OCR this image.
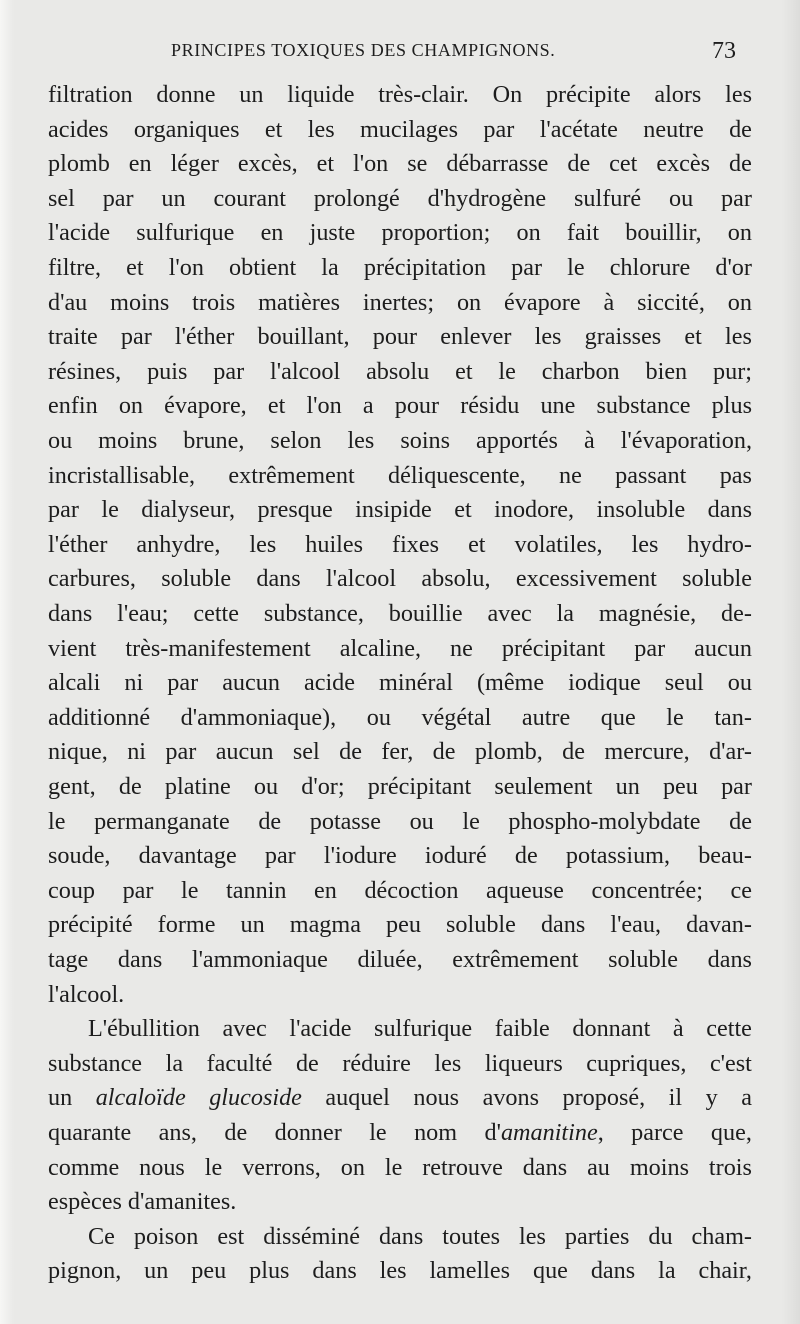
PRINCIPES TOXIQUES DES CHAMPIGNONS.	73
filtration donne un liquide très-clair. On précipite alors les
acides organiques et les mucilages par l'acétate neutre de
plomb en léger excès, et l'on se débarrasse de cet excès de
sel par un courant prolongé d'hydrogène sulfuré ou par
l'acide sulfurique en juste proportion; on fait bouillir, on
filtre, et l'on obtient la précipitation par le chlorure d'or
d'au moins trois matières inertes; on évapore à siccité, on
traite par l'éther bouillant, pour enlever les graisses et les
résines, puis par l'alcool absolu et le charbon bien pur;
enfin on évapore, et l'on a pour résidu une substance plus
ou moins brune, selon les soins apportés à l'évaporation,
incristallisable, extrêmement déliquescente, ne passant pas
par le dialyseur, presque insipide et inodore, insoluble dans
l'éther anhydre, les huiles fixes et volatiles, les hydro-
carbures, soluble dans l'alcool absolu, excessivement soluble
dans l'eau; cette substance, bouillie avec la magnésie, de-
vient très-manifestement alcaline, ne précipitant par aucun
alcali ni par aucun acide minéral (même iodique seul ou
additionné d'ammoniaque), ou végétal autre que le tan-
nique, ni par aucun sel de fer, de plomb, de mercure, d'ar-
gent, de platine ou d'or; précipitant seulement un peu par
le permanganate de potasse ou le phospho-molybdate de
soude, davantage par l'iodure ioduré de potassium, beau-
coup par le tannin en décoction aqueuse concentrée; ce
précipité forme un magma peu soluble dans l'eau, davan-
tage dans l'ammoniaque diluée, extrêmement soluble dans
l'alcool.
L'ébullition avec l'acide sulfurique faible donnant à cette
substance la faculté de réduire les liqueurs cupriques, c'est
un alcaloïde glucoside auquel nous avons proposé, il y a
quarante ans, de donner le nom d'amanitine, parce que,
comme nous le verrons, on le retrouve dans au moins trois
espèces d'amanites.
Ce poison est disséminé dans toutes les parties du cham-
pignon, un peu plus dans les lamelles que dans la chair,
